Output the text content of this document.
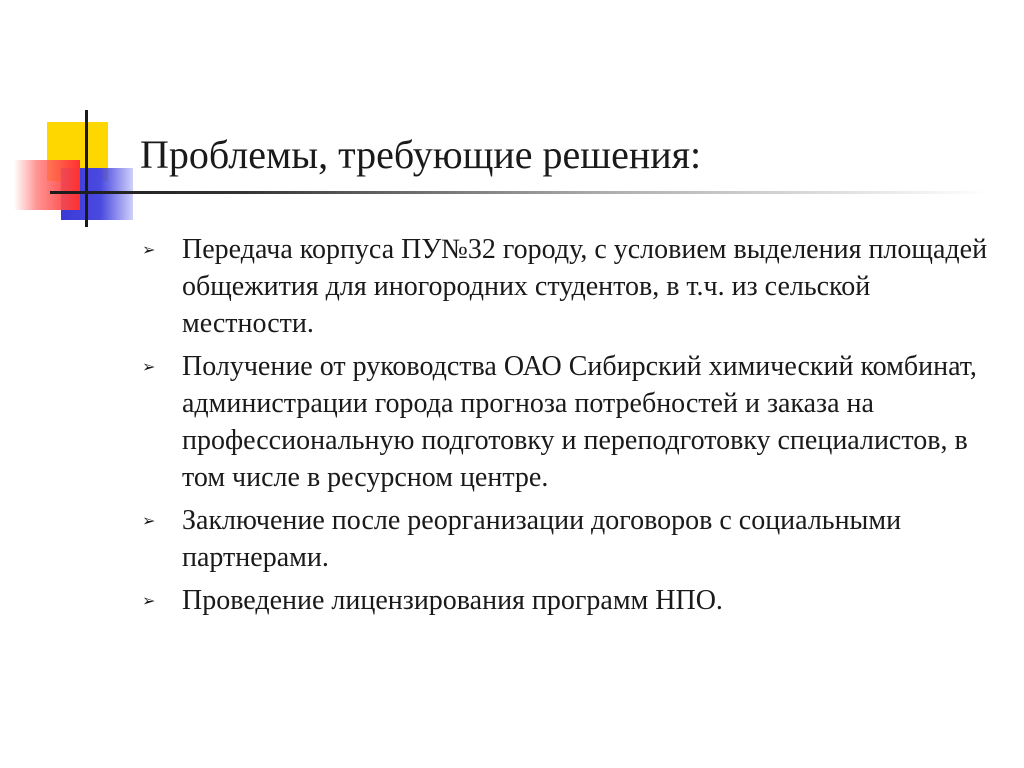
Проблемы, требующие решения:
➢ Передача корпуса ПУ№32 городу, с условием выделения площадей общежития для иногородних студентов, в т.ч. из сельской местности.
➢ Получение от руководства ОАО Сибирский химический комбинат, администрации города прогноза потребностей и заказа на профессиональную подготовку и переподготовку специалистов, в том числе в ресурсном центре.
➢ Заключение после реорганизации договоров с социальными партнерами.
➢ Проведение лицензирования программ НПО.
